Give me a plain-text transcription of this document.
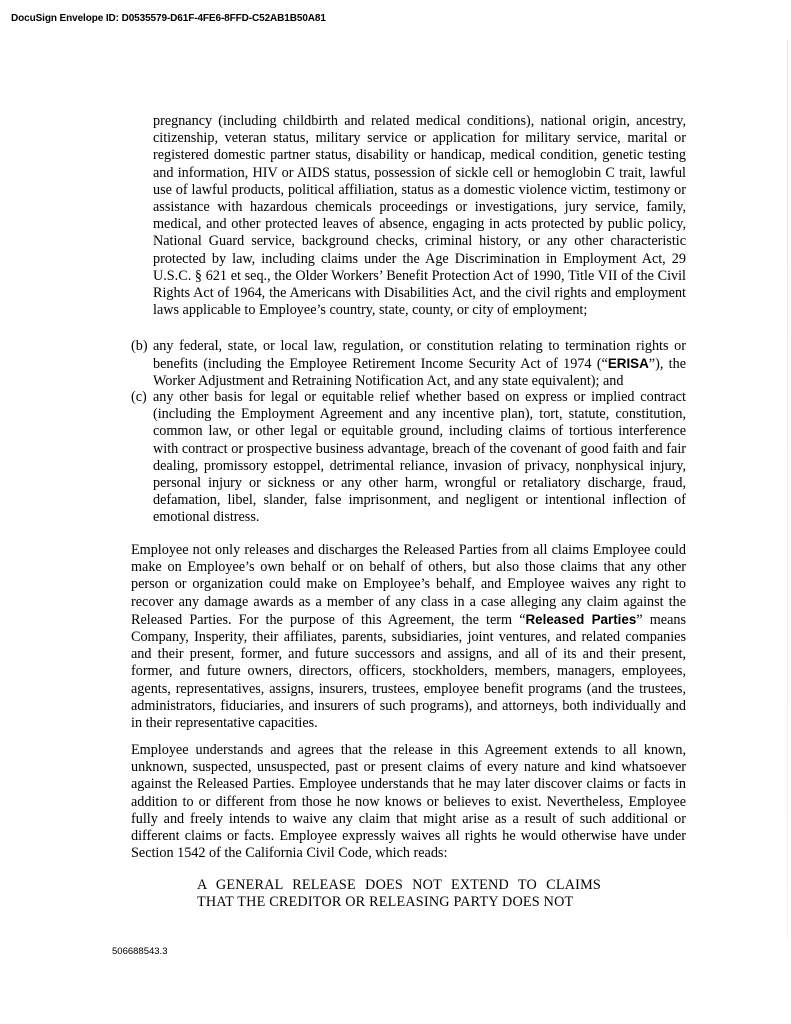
DocuSign Envelope ID: D0535579-D61F-4FE6-8FFD-C52AB1B50A81

pregnancy (including childbirth and related medical conditions), national origin, ancestry, citizenship, veteran status, military service or application for military service, marital or registered domestic partner status, disability or handicap, medical condition, genetic testing and information, HIV or AIDS status, possession of sickle cell or hemoglobin C trait, lawful use of lawful products, political affiliation, status as a domestic violence victim, testimony or assistance with hazardous chemicals proceedings or investigations, jury service, family, medical, and other protected leaves of absence, engaging in acts protected by public policy, National Guard service, background checks, criminal history, or any other characteristic protected by law, including claims under the Age Discrimination in Employment Act, 29 U.S.C. § 621 et seq., the Older Workers’ Benefit Protection Act of 1990, Title VII of the Civil Rights Act of 1964, the Americans with Disabilities Act, and the civil rights and employment laws applicable to Employee’s country, state, county, or city of employment;

(b) any federal, state, or local law, regulation, or constitution relating to termination rights or benefits (including the Employee Retirement Income Security Act of 1974 (“ERISA”), the Worker Adjustment and Retraining Notification Act, and any state equivalent); and

(c) any other basis for legal or equitable relief whether based on express or implied contract (including the Employment Agreement and any incentive plan), tort, statute, constitution, common law, or other legal or equitable ground, including claims of tortious interference with contract or prospective business advantage, breach of the covenant of good faith and fair dealing, promissory estoppel, detrimental reliance, invasion of privacy, nonphysical injury, personal injury or sickness or any other harm, wrongful or retaliatory discharge, fraud, defamation, libel, slander, false imprisonment, and negligent or intentional inflection of emotional distress.

Employee not only releases and discharges the Released Parties from all claims Employee could make on Employee’s own behalf or on behalf of others, but also those claims that any other person or organization could make on Employee’s behalf, and Employee waives any right to recover any damage awards as a member of any class in a case alleging any claim against the Released Parties. For the purpose of this Agreement, the term “Released Parties” means Company, Insperity, their affiliates, parents, subsidiaries, joint ventures, and related companies and their present, former, and future successors and assigns, and all of its and their present, former, and future owners, directors, officers, stockholders, members, managers, employees, agents, representatives, assigns, insurers, trustees, employee benefit programs (and the trustees, administrators, fiduciaries, and insurers of such programs), and attorneys, both individually and in their representative capacities.

Employee understands and agrees that the release in this Agreement extends to all known, unknown, suspected, unsuspected, past or present claims of every nature and kind whatsoever against the Released Parties. Employee understands that he may later discover claims or facts in addition to or different from those he now knows or believes to exist. Nevertheless, Employee fully and freely intends to waive any claim that might arise as a result of such additional or different claims or facts. Employee expressly waives all rights he would otherwise have under Section 1542 of the California Civil Code, which reads:

A GENERAL RELEASE DOES NOT EXTEND TO CLAIMS THAT THE CREDITOR OR RELEASING PARTY DOES NOT

506688543.3
